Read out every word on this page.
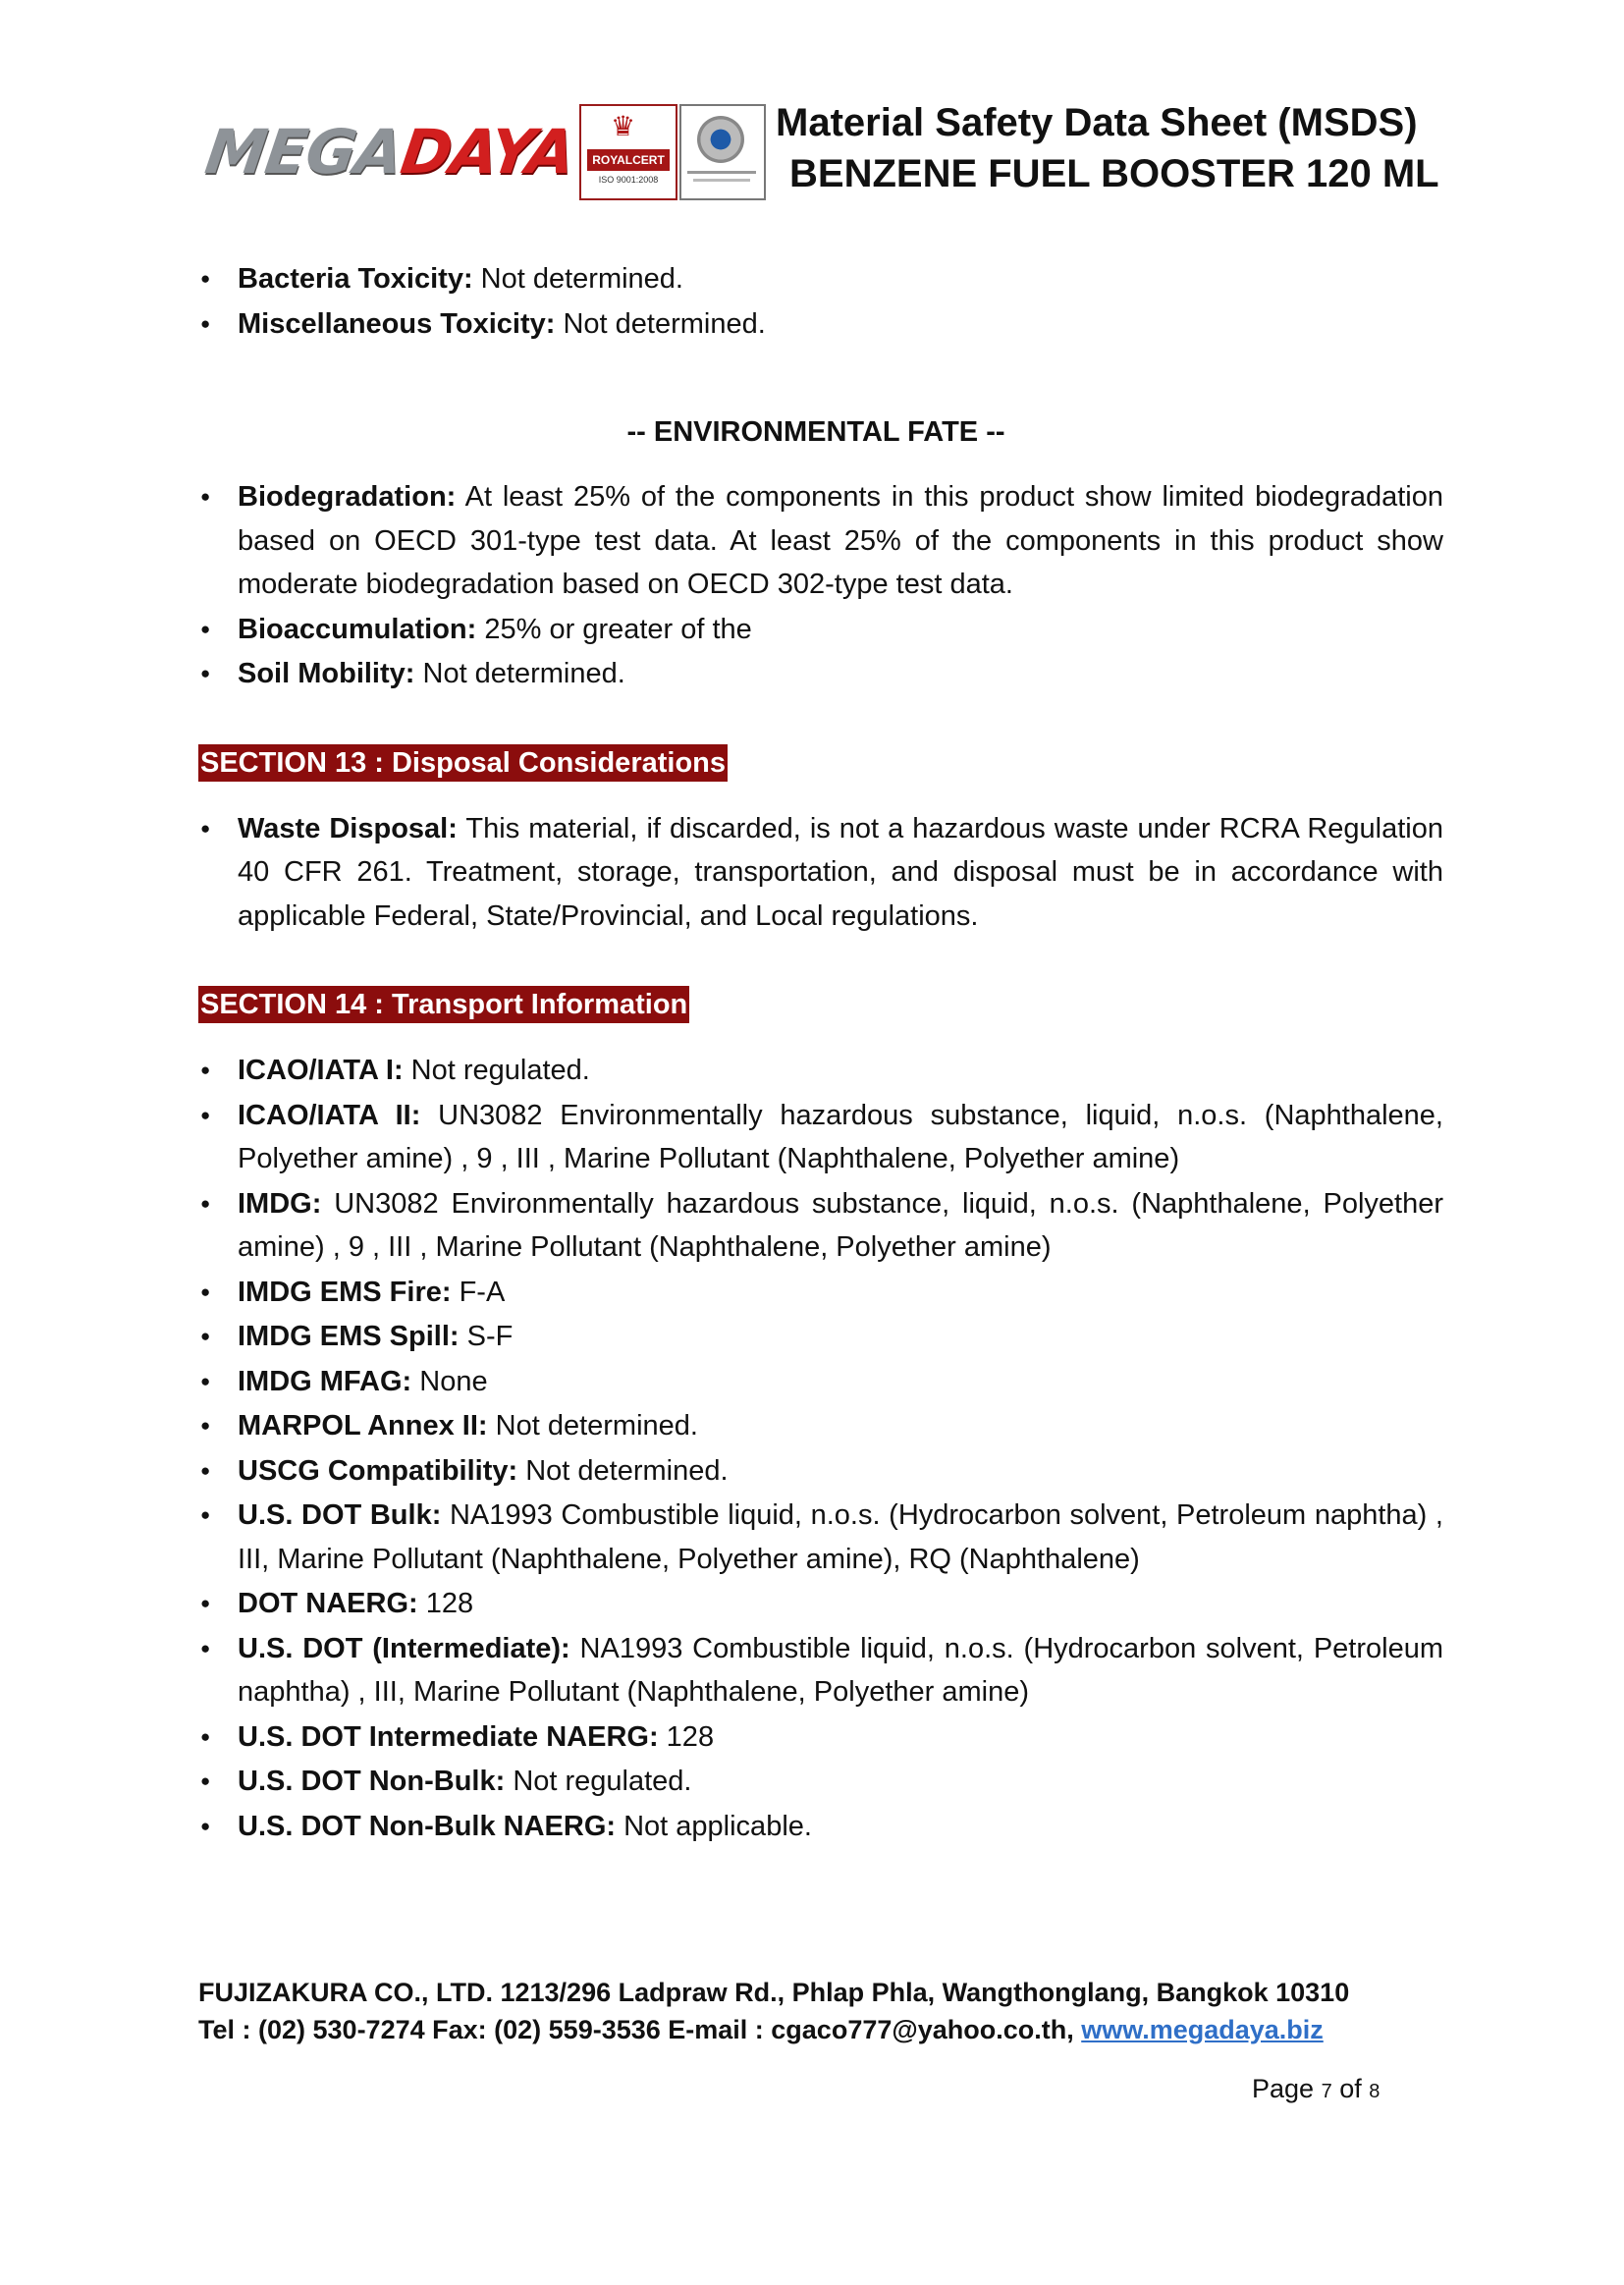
MEGADAYA ♛
ROYALCERT
ISO 9001:2008
Material Safety Data Sheet (MSDS)
BENZENE FUEL BOOSTER 120 ML
● Bacteria Toxicity: Not determined.
● Miscellaneous Toxicity: Not determined.
-- ENVIRONMENTAL FATE --
● Biodegradation: At least 25% of the components in this product show limited biodegradation based on OECD 301-type test data. At least 25% of the components in this product show moderate biodegradation based on OECD 302-type test data.
● Bioaccumulation: 25% or greater of the
● Soil Mobility: Not determined.
SECTION 13 : Disposal Considerations
● Waste Disposal: This material, if discarded, is not a hazardous waste under RCRA Regulation 40 CFR 261. Treatment, storage, transportation, and disposal must be in accordance with applicable Federal, State/Provincial, and Local regulations.
SECTION 14 : Transport Information
● ICAO/IATA I: Not regulated.
● ICAO/IATA II: UN3082 Environmentally hazardous substance, liquid, n.o.s. (Naphthalene, Polyether amine) , 9 , III , Marine Pollutant (Naphthalene, Polyether amine)
● IMDG: UN3082 Environmentally hazardous substance, liquid, n.o.s. (Naphthalene, Polyether amine) , 9 , III , Marine Pollutant (Naphthalene, Polyether amine)
● IMDG EMS Fire: F-A
● IMDG EMS Spill: S-F
● IMDG MFAG: None
● MARPOL Annex II: Not determined.
● USCG Compatibility: Not determined.
● U.S. DOT Bulk: NA1993 Combustible liquid, n.o.s. (Hydrocarbon solvent, Petroleum naphtha) , III, Marine Pollutant (Naphthalene, Polyether amine), RQ (Naphthalene)
● DOT NAERG: 128
● U.S. DOT (Intermediate): NA1993 Combustible liquid, n.o.s. (Hydrocarbon solvent, Petroleum naphtha) , III, Marine Pollutant (Naphthalene, Polyether amine)
● U.S. DOT Intermediate NAERG: 128
● U.S. DOT Non-Bulk: Not regulated.
● U.S. DOT Non-Bulk NAERG: Not applicable.
FUJIZAKURA CO., LTD. 1213/296 Ladpraw Rd., Phlap Phla, Wangthonglang, Bangkok 10310
Tel : (02) 530-7274 Fax: (02) 559-3536 E-mail : cgaco777@yahoo.co.th, www.megadaya.biz
Page 7 of 8
